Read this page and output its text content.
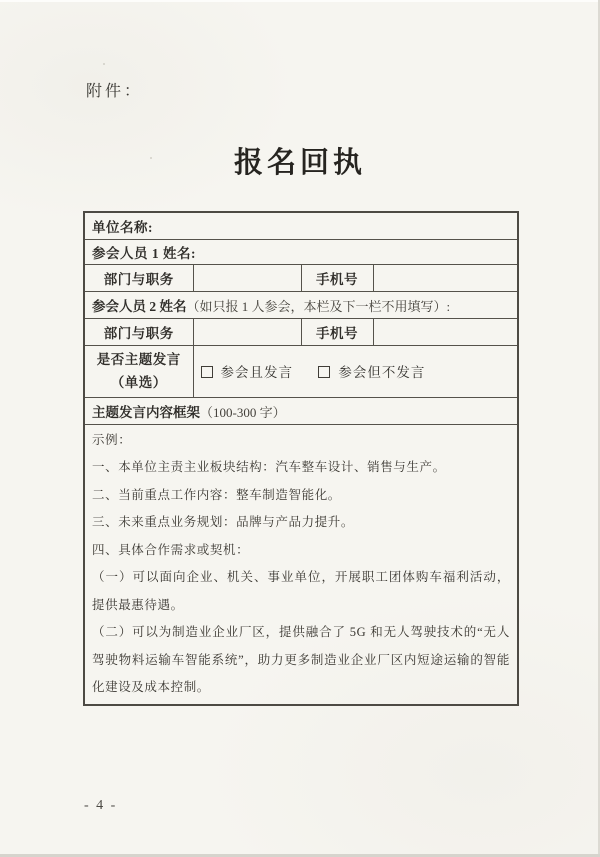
附件：
报名回执
单位名称:			
参会人员 1 姓名:			
部门与职务		手机号	
参会人员 2 姓名（如只报 1 人参会，本栏及下一栏不用填写）:			
部门与职务		手机号	
是否主题发言
（单选）	参会且发言 参会但不发言		
主题发言内容框架（100-300 字）			

示例：

一、本单位主责主业板块结构：汽车整车设计、销售与生产。

二、当前重点工作内容：整车制造智能化。

三、未来重点业务规划：品牌与产品力提升。

四、具体合作需求或契机：

（一）可以面向企业、机关、事业单位，开展职工团体购车福利活动，提供最惠待遇。

（二）可以为制造业企业厂区，提供融合了 5G 和无人驾驶技术的“无人驾驶物料运输车智能系统”，助力更多制造业企业厂区内短途运输的智能化建设及成本控制。

- 4 -
